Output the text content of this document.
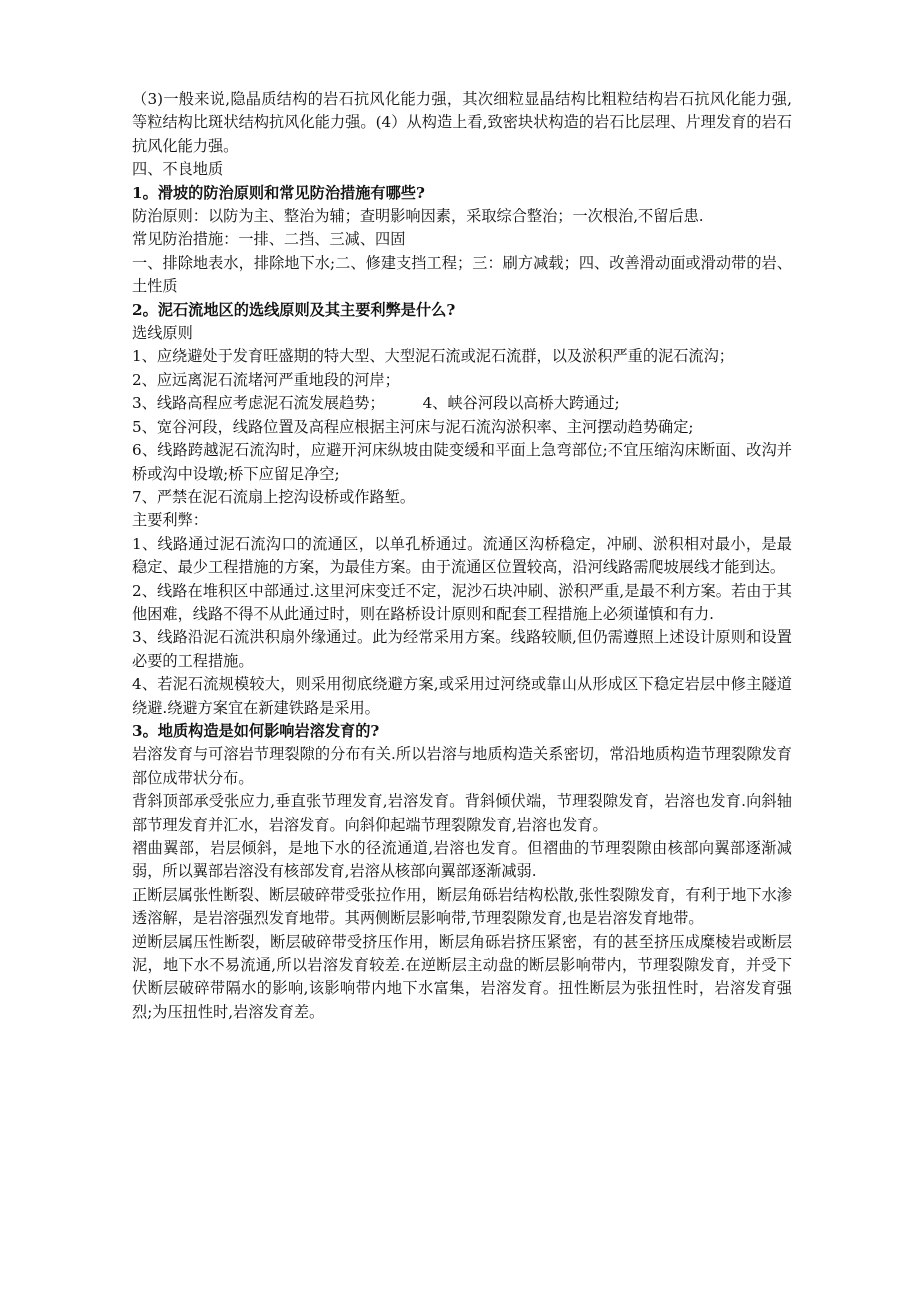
（3)一般来说,隐晶质结构的岩石抗风化能力强，其次细粒显晶结构比粗粒结构岩石抗风化能力强,等粒结构比斑状结构抗风化能力强。(4）从构造上看,致密块状构造的岩石比层理、片理发育的岩石抗风化能力强。

四、不良地质

1。滑坡的防治原则和常见防治措施有哪些?

防治原则：以防为主、整治为辅；查明影响因素，采取综合整治；一次根治,不留后患.

常见防治措施：一排、二挡、三减、四固

一、排除地表水，排除地下水;二、修建支挡工程；三：刷方减载；四、改善滑动面或滑动带的岩、土性质

2。泥石流地区的选线原则及其主要利弊是什么?

选线原则

1、应绕避处于发育旺盛期的特大型、大型泥石流或泥石流群，以及淤积严重的泥石流沟；

2、应远离泥石流堵河严重地段的河岸；

3、线路高程应考虑泥石流发展趋势；　　　4、峡谷河段以高桥大跨通过;

5、宽谷河段，线路位置及高程应根据主河床与泥石流沟淤积率、主河摆动趋势确定;

6、线路跨越泥石流沟时，应避开河床纵坡由陡变缓和平面上急弯部位;不宜压缩沟床断面、改沟并桥或沟中设墩;桥下应留足净空;

7、严禁在泥石流扇上挖沟设桥或作路堑。

主要利弊：

1、线路通过泥石流沟口的流通区，以单孔桥通过。流通区沟桥稳定，冲刷、淤积相对最小，是最稳定、最少工程措施的方案，为最佳方案。由于流通区位置较高，沿河线路需爬坡展线才能到达。

2、线路在堆积区中部通过.这里河床变迁不定，泥沙石块冲刷、淤积严重,是最不利方案。若由于其他困难，线路不得不从此通过时，则在路桥设计原则和配套工程措施上必须谨慎和有力.

3、线路沿泥石流洪积扇外缘通过。此为经常采用方案。线路较顺,但仍需遵照上述设计原则和设置必要的工程措施。

4、若泥石流规模较大，则采用彻底绕避方案,或采用过河绕或靠山从形成区下稳定岩层中修主隧道绕避.绕避方案宜在新建铁路是采用。

3。地质构造是如何影响岩溶发育的?

岩溶发育与可溶岩节理裂隙的分布有关.所以岩溶与地质构造关系密切，常沿地质构造节理裂隙发育部位成带状分布。

背斜顶部承受张应力,垂直张节理发育,岩溶发育。背斜倾伏端，节理裂隙发育，岩溶也发育.向斜轴部节理发育并汇水，岩溶发育。向斜仰起端节理裂隙发育,岩溶也发育。

褶曲翼部，岩层倾斜，是地下水的径流通道,岩溶也发育。但褶曲的节理裂隙由核部向翼部逐渐减弱，所以翼部岩溶没有核部发育,岩溶从核部向翼部逐渐减弱.

正断层属张性断裂、断层破碎带受张拉作用，断层角砾岩结构松散,张性裂隙发育，有利于地下水渗透溶解，是岩溶强烈发育地带。其两侧断层影响带,节理裂隙发育,也是岩溶发育地带。

逆断层属压性断裂，断层破碎带受挤压作用，断层角砾岩挤压紧密，有的甚至挤压成糜棱岩或断层泥，地下水不易流通,所以岩溶发育较差.在逆断层主动盘的断层影响带内，节理裂隙发育，并受下伏断层破碎带隔水的影响,该影响带内地下水富集，岩溶发育。扭性断层为张扭性时，岩溶发育强烈;为压扭性时,岩溶发育差。
